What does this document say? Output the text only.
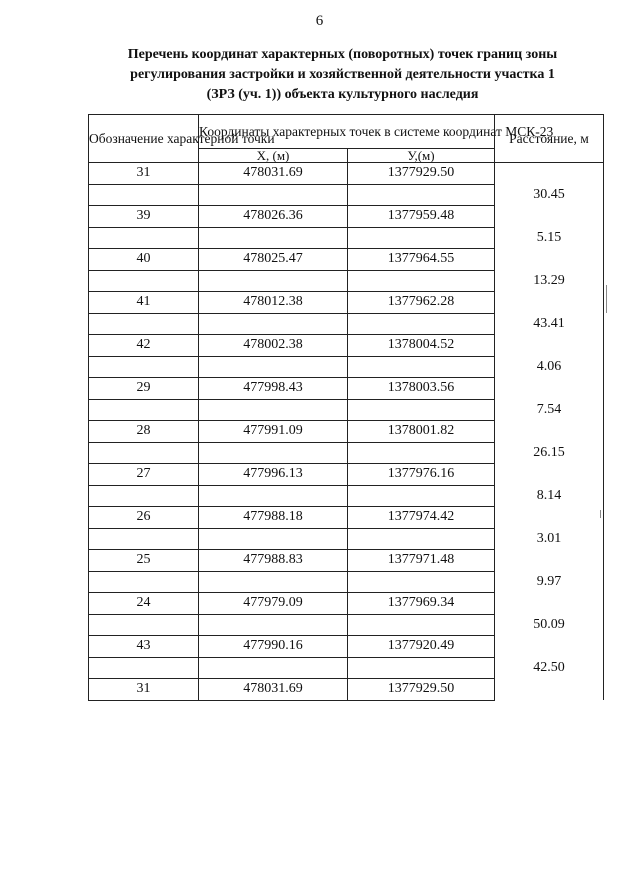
6
Перечень координат характерных (поворотных) точек границ зоны
регулирования застройки и хозяйственной деятельности участка 1
(ЗРЗ (уч. 1)) объекта культурного наследия
Обозначение характерной точки	Координаты характерных точек в системе координат МСК-23		Расстояние, м
	Х, (м)	У,(м)	
31	478031.69	1377929.50	
			30.45
39	478026.36	1377959.48	
			5.15
40	478025.47	1377964.55	
			13.29
41	478012.38	1377962.28	
			43.41
42	478002.38	1378004.52	
			4.06
29	477998.43	1378003.56	
			7.54
28	477991.09	1378001.82	
			26.15
27	477996.13	1377976.16	
			8.14
26	477988.18	1377974.42	
			3.01
25	477988.83	1377971.48	
			9.97
24	477979.09	1377969.34	
			50.09
43	477990.16	1377920.49	
			42.50
31	478031.69	1377929.50	
